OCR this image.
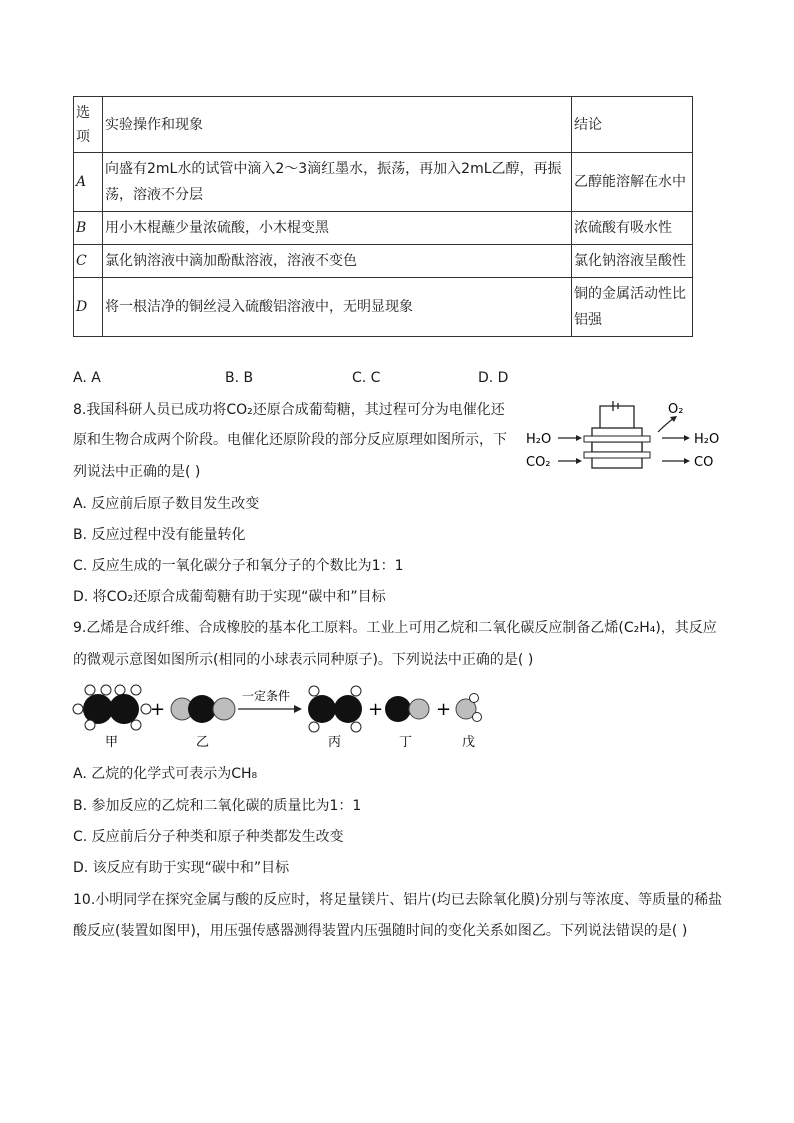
选项	实验操作和现象	结论
A	向盛有2mL水的试管中滴入2～3滴红墨水，振荡，再加入2mL乙醇，再振
荡，溶液不分层	乙醇能溶解在水中
B	用小木棍蘸少量浓硫酸，小木棍变黑	浓硫酸有吸水性
C	氯化钠溶液中滴加酚酞溶液，溶液不变色	氯化钠溶液呈酸性
D	将一根洁净的铜丝浸入硫酸铝溶液中，无明显现象	铜的金属活动性比
铝强
A. A	B. B	C. C	D. D
8.我国科研人员已成功将CO₂还原合成葡萄糖，其过程可分为电催化还
原和生物合成两个阶段。电催化还原阶段的部分反应原理如图所示，下
列说法中正确的是( )
H₂O
CO₂
O₂
H₂O
CO
A. 反应前后原子数目发生改变
B. 反应过程中没有能量转化
C. 反应生成的一氧化碳分子和氧分子的个数比为1：1
D. 将CO₂还原合成葡萄糖有助于实现“碳中和”目标
9.乙烯是合成纤维、合成橡胶的基本化工原料。工业上可用乙烷和二氧化碳反应制备乙烯(C₂H₄)，其反应
的微观示意图如图所示(相同的小球表示同种原子)。下列说法中正确的是( )
+
一定条件
+	+
甲	乙	丙	丁	戊
A. 乙烷的化学式可表示为CH₈
B. 参加反应的乙烷和二氧化碳的质量比为1：1
C. 反应前后分子种类和原子种类都发生改变
D. 该反应有助于实现“碳中和”目标
10.小明同学在探究金属与酸的反应时，将足量镁片、铝片(均已去除氧化膜)分别与等浓度、等质量的稀盐
酸反应(装置如图甲)，用压强传感器测得装置内压强随时间的变化关系如图乙。下列说法错误的是( )
